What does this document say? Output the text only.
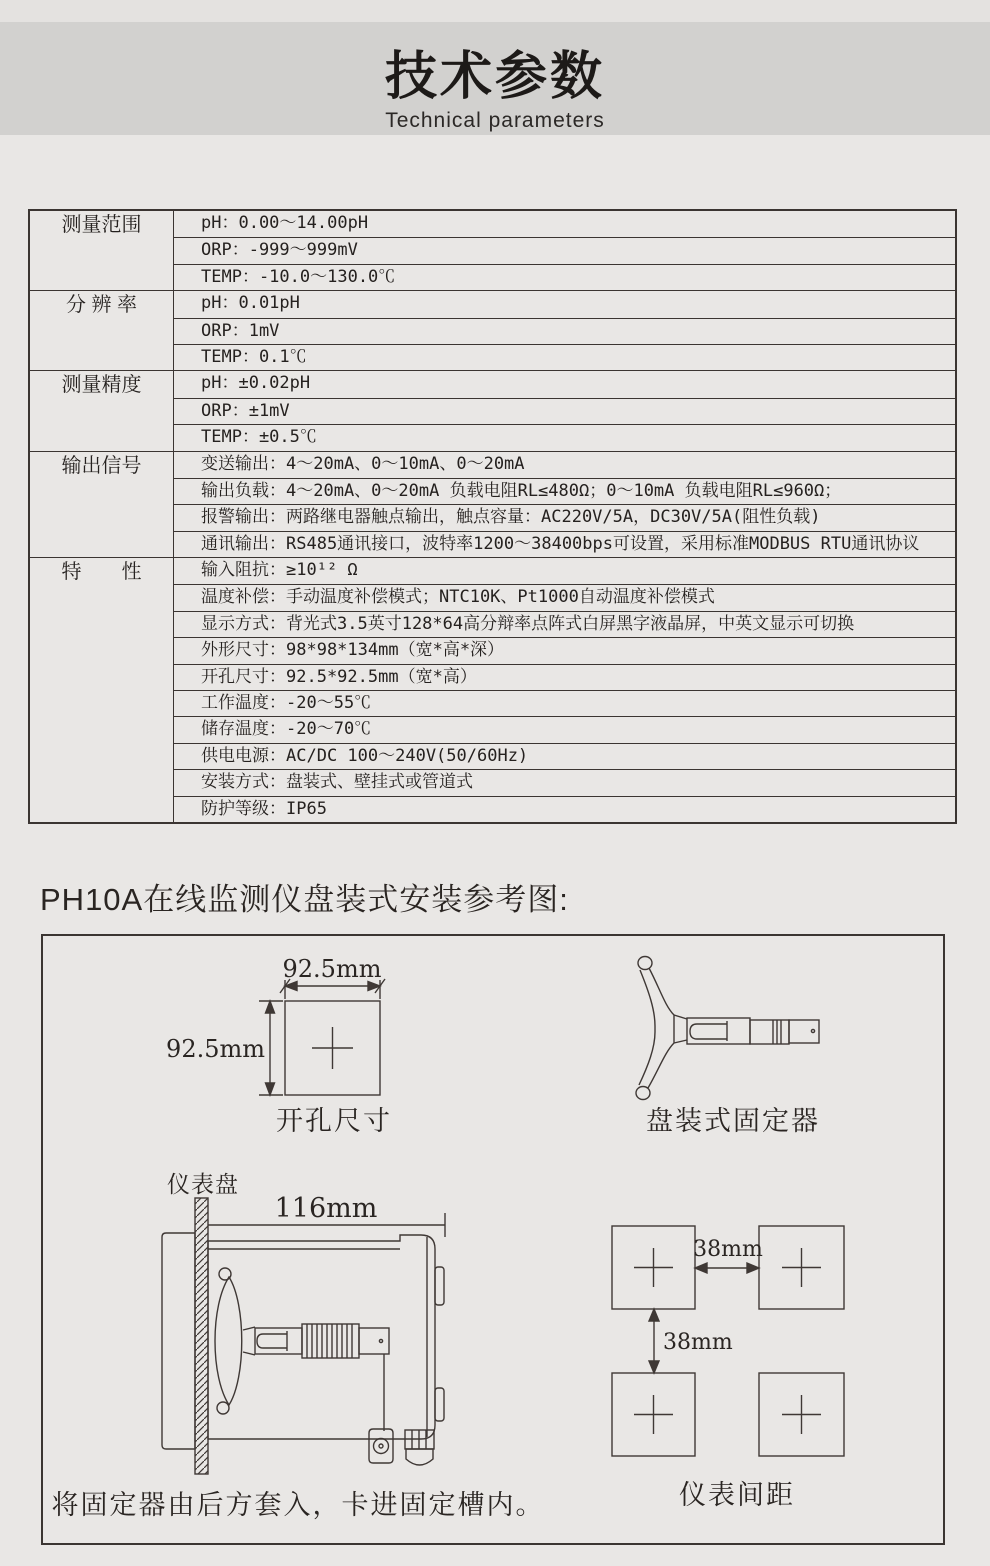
技术参数
Technical parameters
测量范围	pH：0.00～14.00pH
ORP：-999～999mV
TEMP：-10.0～130.0℃
分 辨 率	pH：0.01pH
ORP：1mV
TEMP：0.1℃
测量精度	pH：±0.02pH
ORP：±1mV
TEMP：±0.5℃
输出信号	变送输出：4～20mA、0～10mA、0～20mA
输出负载：4～20mA、0～20mA 负载电阻RL≤480Ω；0～10mA 负载电阻RL≤960Ω；
报警输出：两路继电器触点输出，触点容量：AC220V/5A，DC30V/5A(阻性负载)
通讯输出：RS485通讯接口，波特率1200～38400bps可设置，采用标准MODBUS RTU通讯协议
特　　性	输入阻抗：≥10¹² Ω
温度补偿：手动温度补偿模式；NTC10K、Pt1000自动温度补偿模式
显示方式：背光式3.5英寸128*64高分辩率点阵式白屏黑字液晶屏，中英文显示可切换
外形尺寸：98*98*134mm（宽*高*深）
开孔尺寸：92.5*92.5mm（宽*高）
工作温度：-20～55℃
储存温度：-20～70℃
供电电源：AC/DC 100～240V(50/60Hz)
安装方式：盘装式、壁挂式或管道式
防护等级：IP65
PH10A在线监测仪盘装式安装参考图:
92.5mm
92.5mm
开孔尺寸	盘装式固定器
仪表盘
116mm
将固定器由后方套入，卡进固定槽内。
38mm
38mm
仪表间距
